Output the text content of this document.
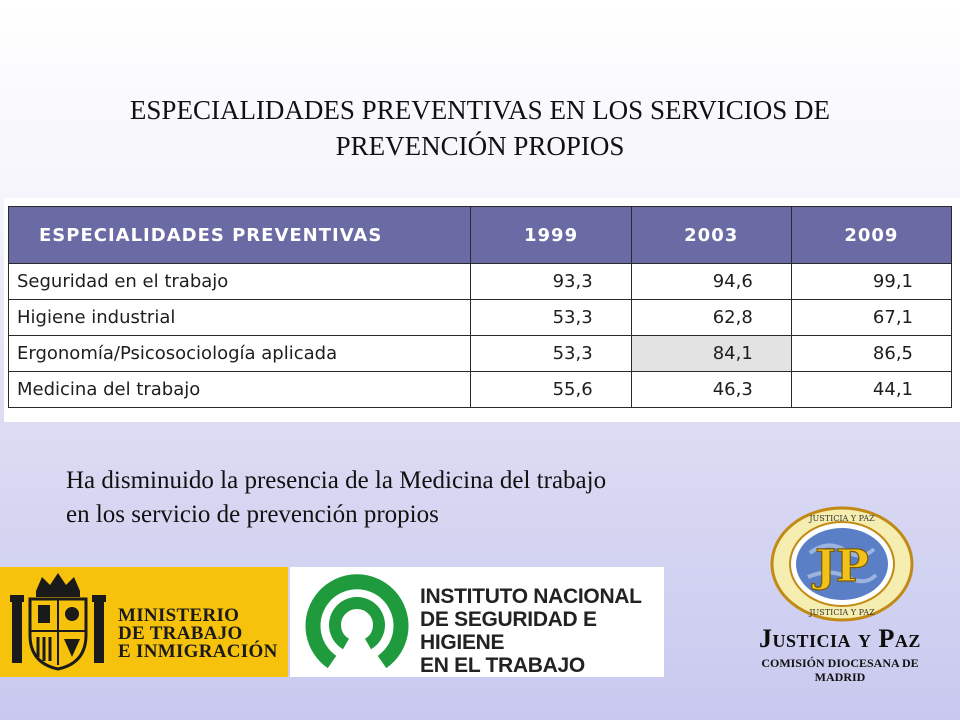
ESPECIALIDADES PREVENTIVAS EN LOS SERVICIOS DE
PREVENCIÓN PROPIOS
ESPECIALIDADES PREVENTIVAS	1999	2003	2009
Seguridad en el trabajo	93,3	94,6	99,1
Higiene industrial	53,3	62,8	67,1
Ergonomía/Psicosociología aplicada	53,3	84,1	86,5
Medicina del trabajo	55,6	46,3	44,1
Ha disminuido la presencia de la Medicina del trabajo
en los servicio de prevención propios
MINISTERIO
DE TRABAJO
E INMIGRACIÓN
INSTITUTO NACIONAL
DE SEGURIDAD E HIGIENE
EN EL TRABAJO
JP
JUSTICIA Y PAZ
JUSTICIA Y PAZ
Justicia y Paz
COMISIÓN DIOCESANA DE
MADRID
